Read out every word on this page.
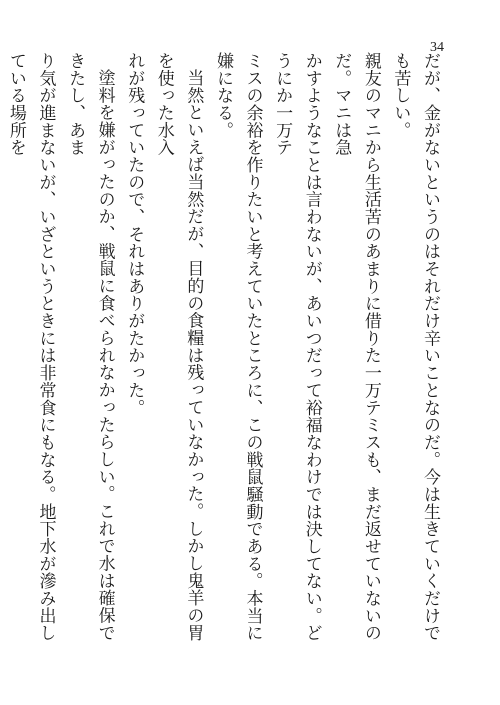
34
だが、金がないというのはそれだけ辛いことなのだ。今は生きていくだけでも苦しい。
親友のマニから生活苦のあまりに借りた一万テミスも、まだ返せていないのだ。マニは急
かすようなことは言わないが、あいつだって裕福なわけでは決してない。どうにか一万テ
ミスの余裕を作りたいと考えていたところに、この戦鼠騒動である。本当に嫌になる。
当然といえば当然だが、目的の食糧は残っていなかった。しかし鬼羊の胃を使った水入
れが残っていたので、それはありがたかった。
塗料を嫌がったのか、戦鼠に食べられなかったらしい。これで水は確保できたし、あま
り気が進まないが、いざというときには非常食にもなる。地下水が滲み出している場所を
